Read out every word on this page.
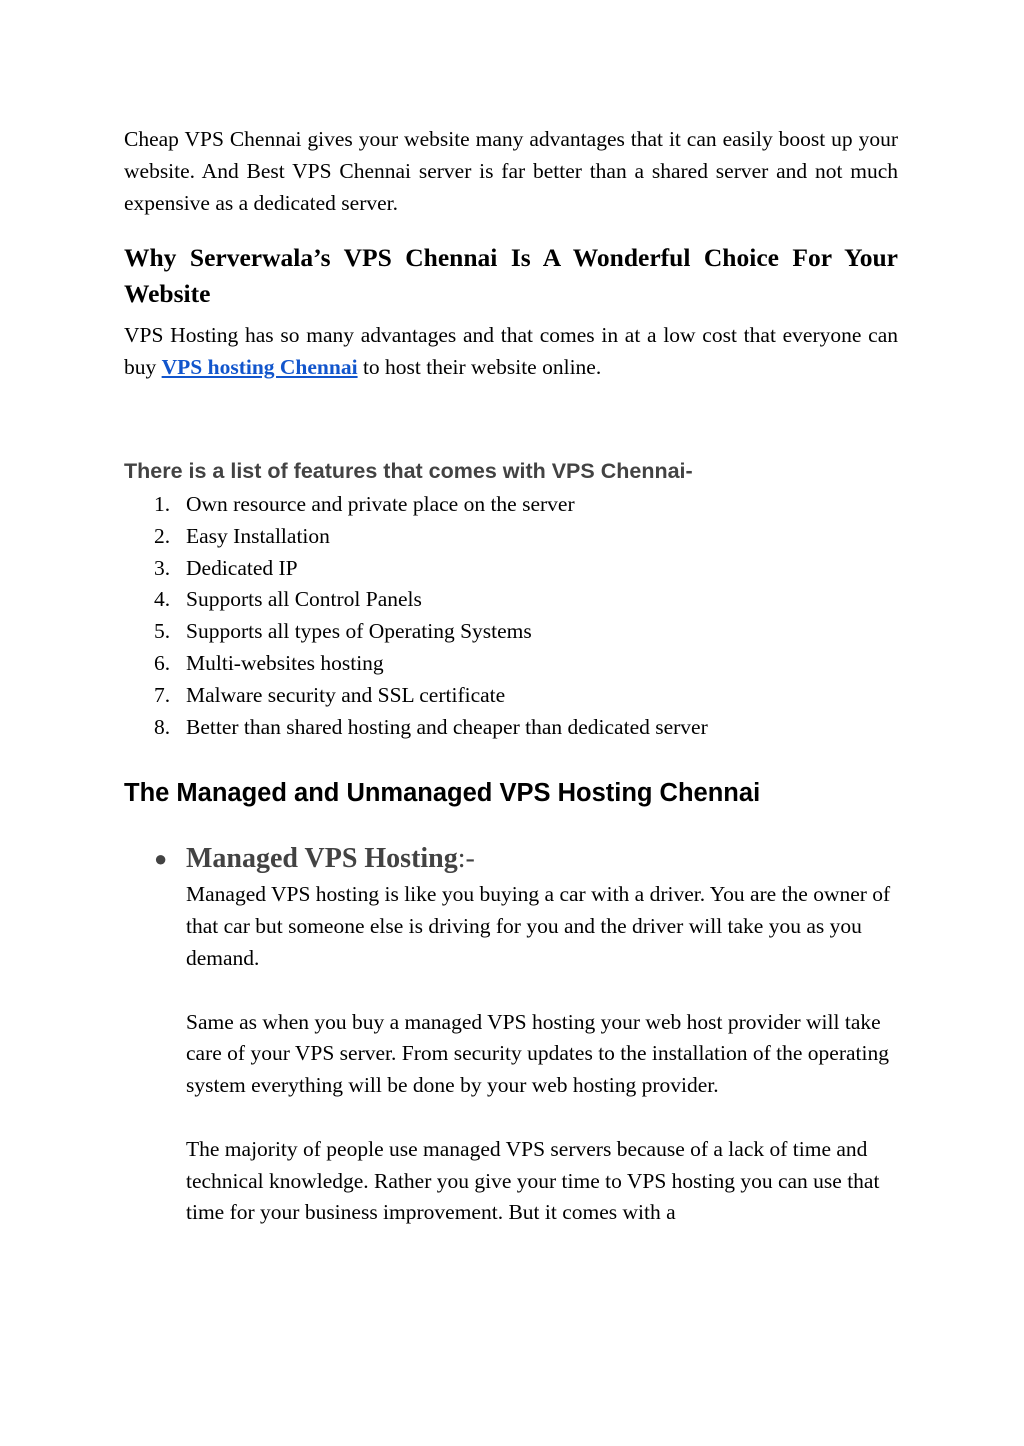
Cheap VPS Chennai gives your website many advantages that it can easily boost up your website. And Best VPS Chennai server is far better than a shared server and not much expensive as a dedicated server.

Why Serverwala’s VPS Chennai Is A Wonderful Choice For Your Website

VPS Hosting has so many advantages and that comes in at a low cost that everyone can buy VPS hosting Chennai to host their website online.

There is a list of features that comes with VPS Chennai-
1. Own resource and private place on the server
2. Easy Installation
3. Dedicated IP
4. Supports all Control Panels
5. Supports all types of Operating Systems
6. Multi-websites hosting
7. Malware security and SSL certificate
8. Better than shared hosting and cheaper than dedicated server
The Managed and Unmanaged VPS Hosting Chennai
● Managed VPS Hosting:-

Managed VPS hosting is like you buying a car with a driver. You are the owner of that car but someone else is driving for you and the driver will take you as you demand.

Same as when you buy a managed VPS hosting your web host provider will take care of your VPS server. From security updates to the installation of the operating system everything will be done by your web hosting provider.

The majority of people use managed VPS servers because of a lack of time and technical knowledge. Rather you give your time to VPS hosting you can use that time for your business improvement. But it comes with a
